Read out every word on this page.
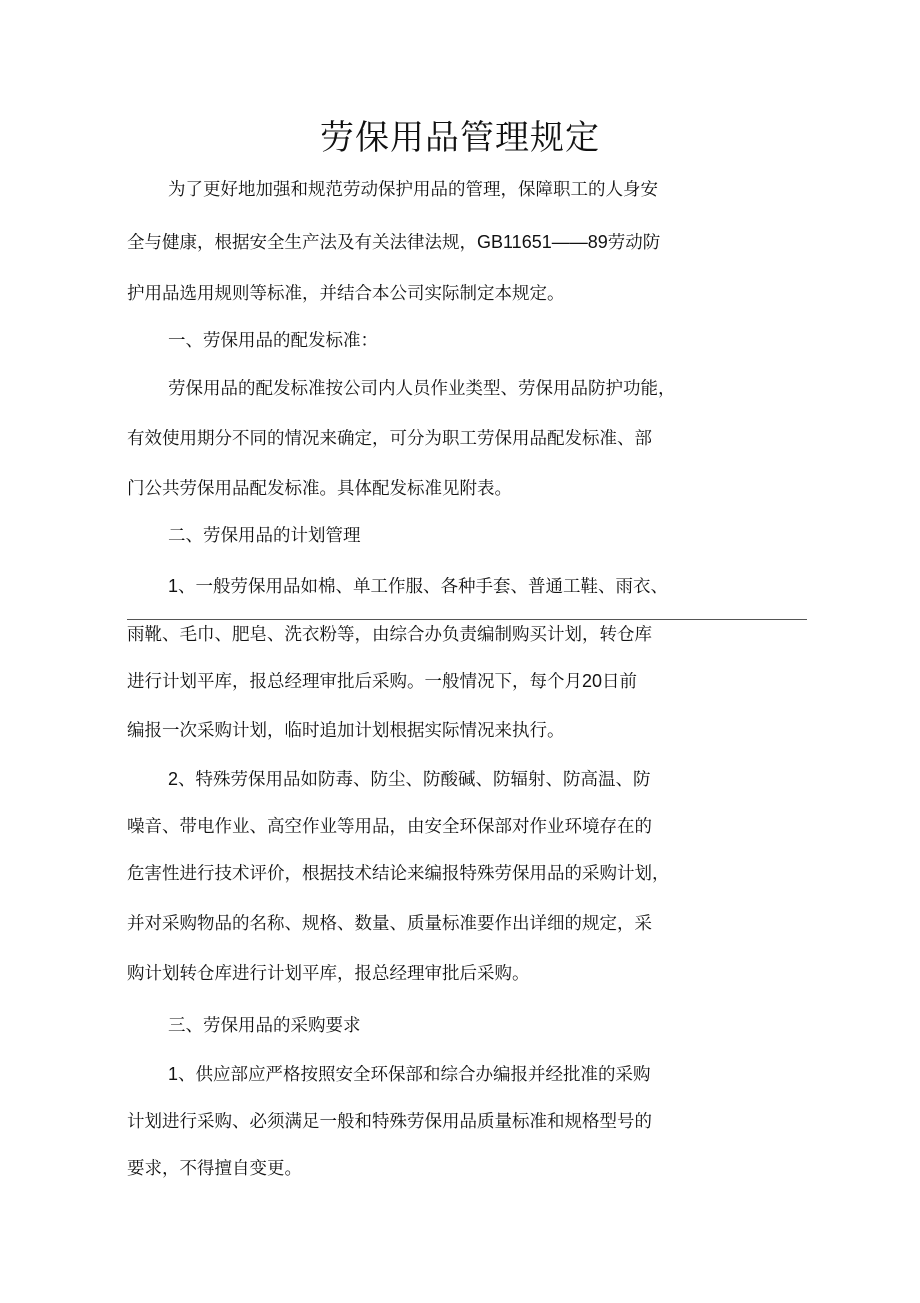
劳保用品管理规定
为了更好地加强和规范劳动保护用品的管理，保障职工的人身安
全与健康，根据安全生产法及有关法律法规，GB11651——89劳动防
护用品选用规则等标准，并结合本公司实际制定本规定。
一、劳保用品的配发标准：
劳保用品的配发标准按公司内人员作业类型、劳保用品防护功能，
有效使用期分不同的情况来确定，可分为职工劳保用品配发标准、部
门公共劳保用品配发标准。具体配发标准见附表。
二、劳保用品的计划管理
1、一般劳保用品如棉、单工作服、各种手套、普通工鞋、雨衣、
雨靴、毛巾、肥皂、洗衣粉等，由综合办负责编制购买计划，转仓库
进行计划平库，报总经理审批后采购。一般情况下，每个月20日前
编报一次采购计划，临时追加计划根据实际情况来执行。
2、特殊劳保用品如防毒、防尘、防酸碱、防辐射、防高温、防
噪音、带电作业、高空作业等用品，由安全环保部对作业环境存在的
危害性进行技术评价，根据技术结论来编报特殊劳保用品的采购计划，
并对采购物品的名称、规格、数量、质量标准要作出详细的规定，采
购计划转仓库进行计划平库，报总经理审批后采购。
三、劳保用品的采购要求
1、供应部应严格按照安全环保部和综合办编报并经批准的采购
计划进行采购、必须满足一般和特殊劳保用品质量标准和规格型号的
要求，不得擅自变更。
